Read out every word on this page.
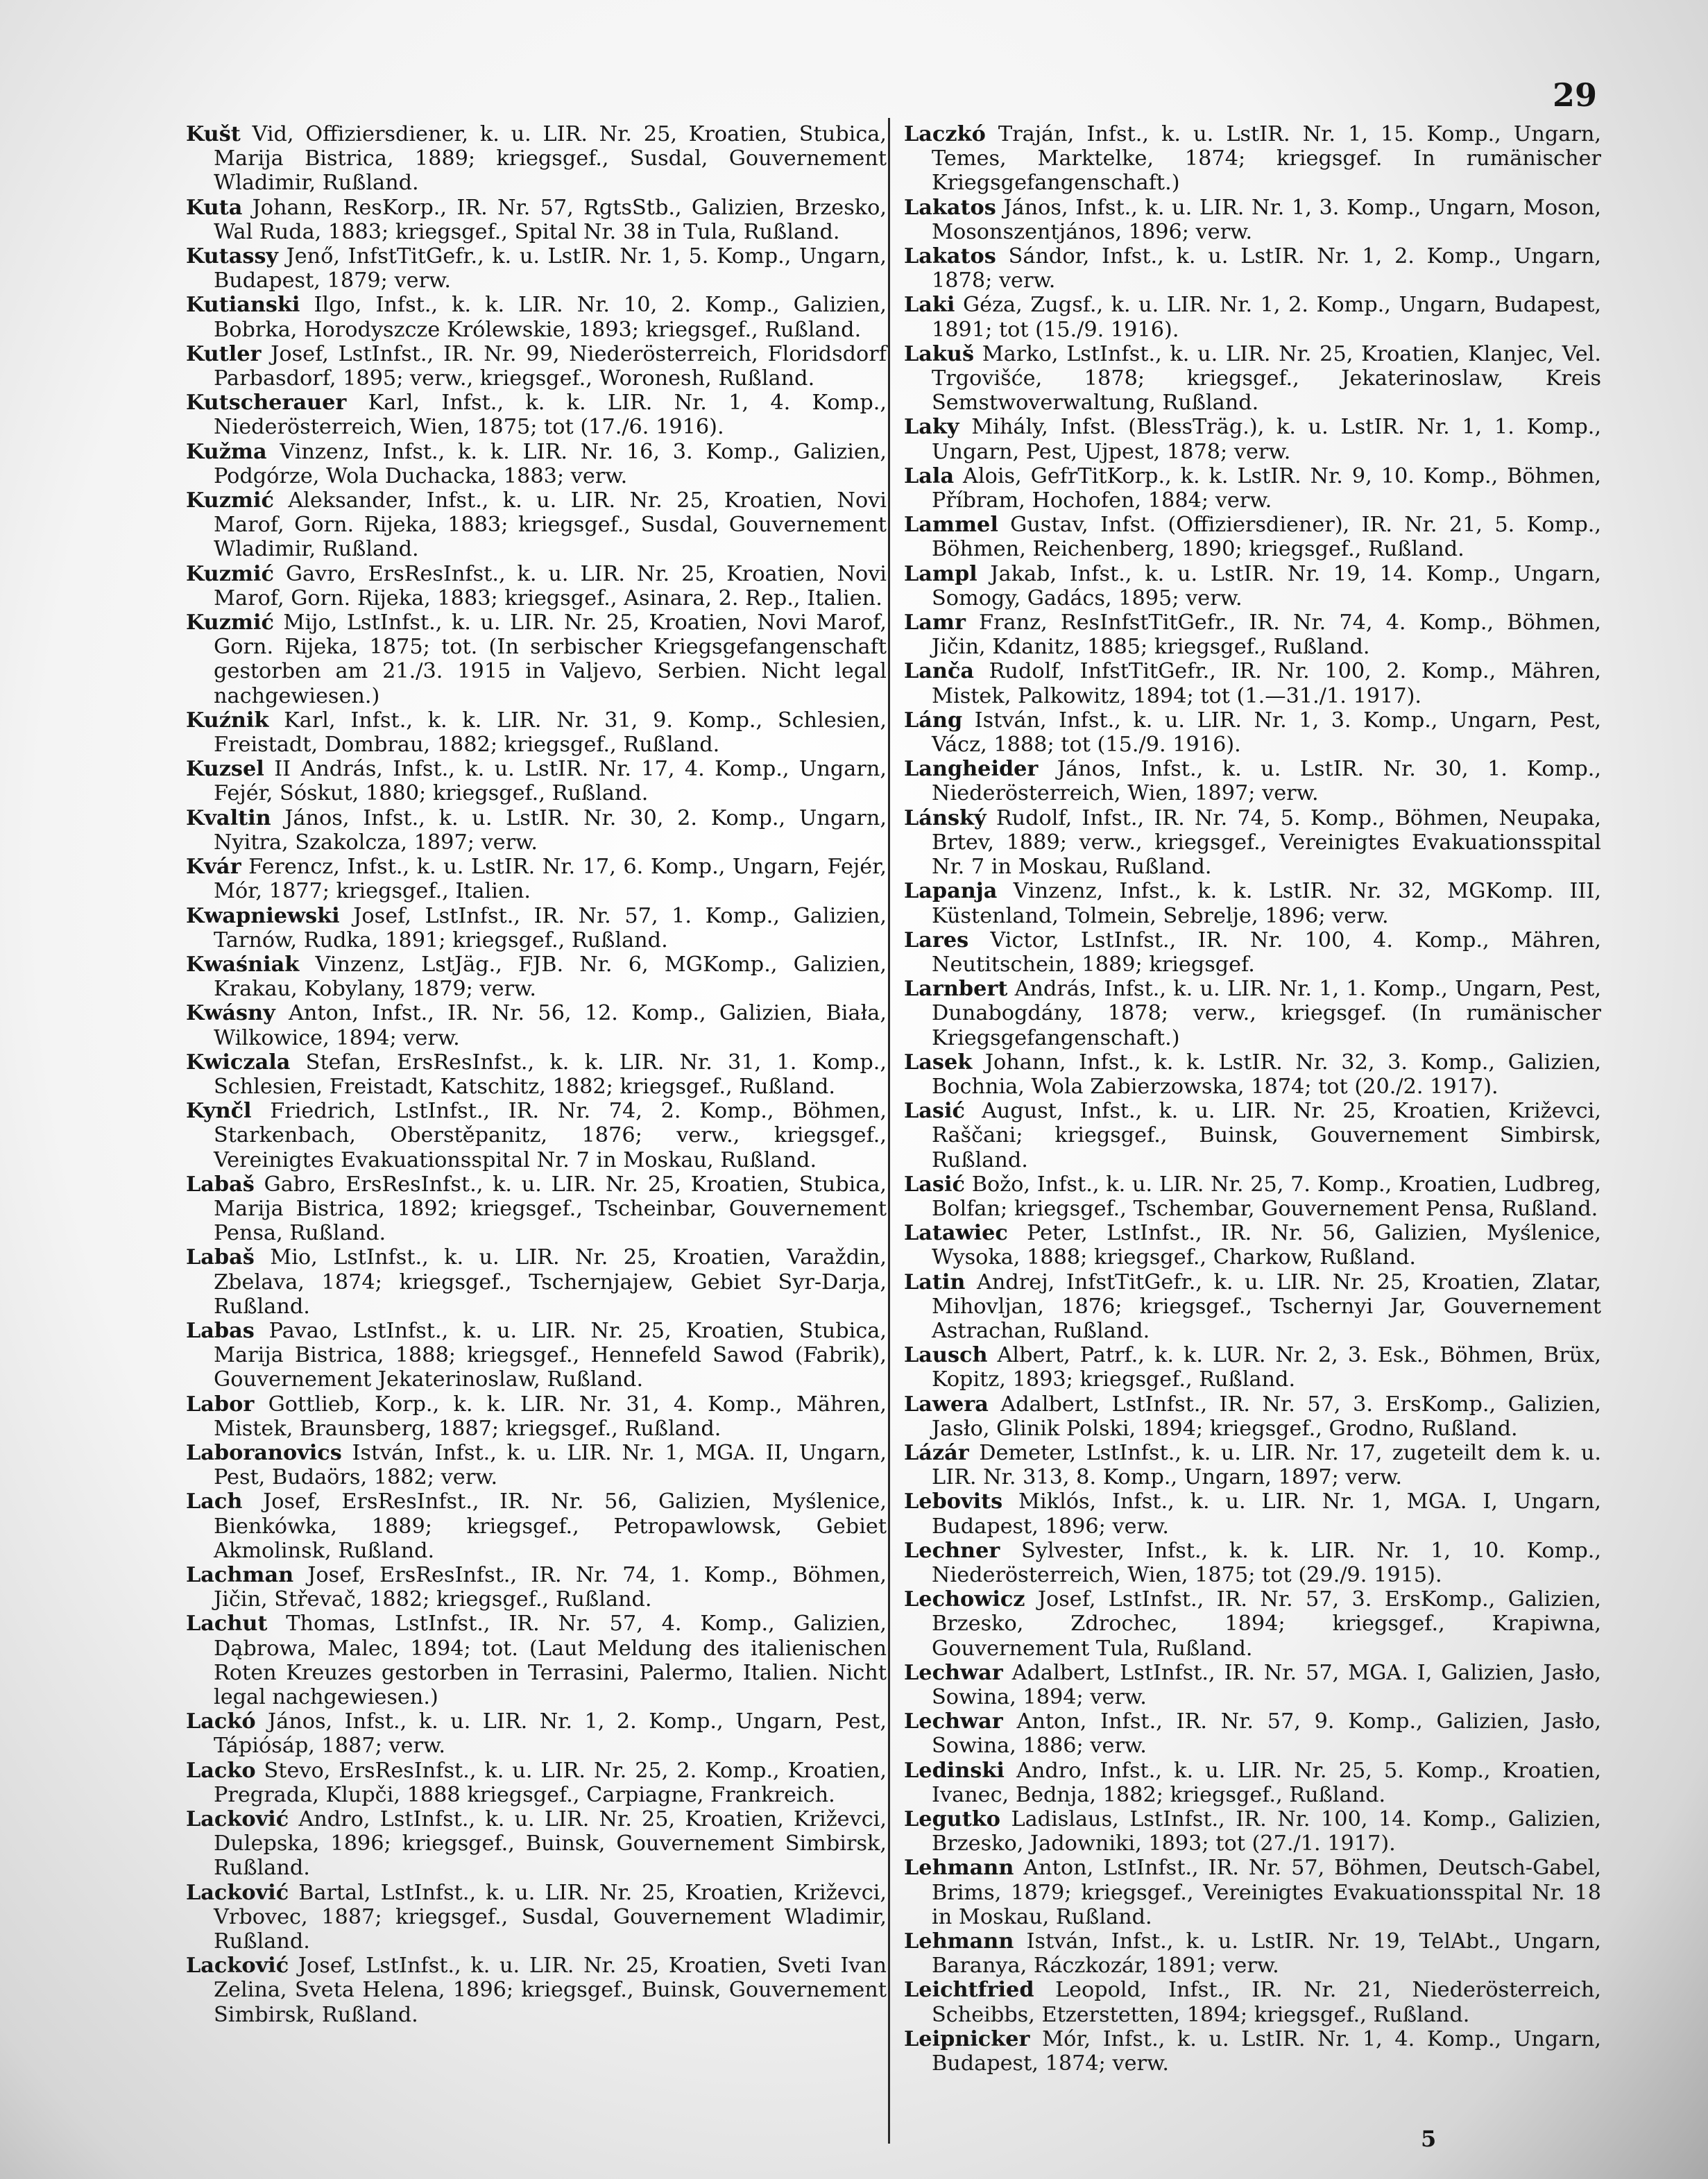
29

Kušt Vid, Offiziersdiener, k. u. LIR. Nr. 25, Kroatien, Stubica, Marija Bistrica, 1889; kriegsgef., Susdal, Gouvernement Wladimir, Rußland.

Kuta Johann, ResKorp., IR. Nr. 57, RgtsStb., Galizien, Brzesko, Wal Ruda, 1883; kriegsgef., Spital Nr. 38 in Tula, Rußland.

Kutassy Jenő, InfstTitGefr., k. u. LstIR. Nr. 1, 5. Komp., Ungarn, Budapest, 1879; verw.

Kutianski Ilgo, Infst., k. k. LIR. Nr. 10, 2. Komp., Galizien, Bobrka, Horodyszcze Królewskie, 1893; kriegsgef., Rußland.

Kutler Josef, LstInfst., IR. Nr. 99, Niederösterreich, Floridsdorf Parbasdorf, 1895; verw., kriegsgef., Woronesh, Rußland.

Kutscherauer Karl, Infst., k. k. LIR. Nr. 1, 4. Komp., Niederösterreich, Wien, 1875; tot (17./6. 1916).

Kužma Vinzenz, Infst., k. k. LIR. Nr. 16, 3. Komp., Galizien, Podgórze, Wola Duchacka, 1883; verw.

Kuzmić Aleksander, Infst., k. u. LIR. Nr. 25, Kroatien, Novi Marof, Gorn. Rijeka, 1883; kriegsgef., Susdal, Gouvernement Wladimir, Rußland.

Kuzmić Gavro, ErsResInfst., k. u. LIR. Nr. 25, Kroatien, Novi Marof, Gorn. Rijeka, 1883; kriegsgef., Asinara, 2. Rep., Italien.

Kuzmić Mijo, LstInfst., k. u. LIR. Nr. 25, Kroatien, Novi Marof, Gorn. Rijeka, 1875; tot. (In serbischer Kriegsgefangenschaft gestorben am 21./3. 1915 in Valjevo, Serbien. Nicht legal nachgewiesen.)

Kuźnik Karl, Infst., k. k. LIR. Nr. 31, 9. Komp., Schlesien, Freistadt, Dombrau, 1882; kriegsgef., Rußland.

Kuzsel II András, Infst., k. u. LstIR. Nr. 17, 4. Komp., Ungarn, Fejér, Sóskut, 1880; kriegsgef., Rußland.

Kvaltin János, Infst., k. u. LstIR. Nr. 30, 2. Komp., Ungarn, Nyitra, Szakolcza, 1897; verw.

Kvár Ferencz, Infst., k. u. LstIR. Nr. 17, 6. Komp., Ungarn, Fejér, Mór, 1877; kriegsgef., Italien.

Kwapniewski Josef, LstInfst., IR. Nr. 57, 1. Komp., Galizien, Tarnów, Rudka, 1891; kriegsgef., Rußland.

Kwaśniak Vinzenz, LstJäg., FJB. Nr. 6, MGKomp., Galizien, Krakau, Kobylany, 1879; verw.

Kwásny Anton, Infst., IR. Nr. 56, 12. Komp., Galizien, Biała, Wilkowice, 1894; verw.

Kwiczala Stefan, ErsResInfst., k. k. LIR. Nr. 31, 1. Komp., Schlesien, Freistadt, Katschitz, 1882; kriegsgef., Rußland.

Kynčl Friedrich, LstInfst., IR. Nr. 74, 2. Komp., Böhmen, Starkenbach, Oberstěpanitz, 1876; verw., kriegsgef., Vereinigtes Evakuationsspital Nr. 7 in Moskau, Rußland.

Labaš Gabro, ErsResInfst., k. u. LIR. Nr. 25, Kroatien, Stubica, Marija Bistrica, 1892; kriegsgef., Tscheinbar, Gouvernement Pensa, Rußland.

Labaš Mio, LstInfst., k. u. LIR. Nr. 25, Kroatien, Varaždin, Zbelava, 1874; kriegsgef., Tschernjajew, Gebiet Syr-Darja, Rußland.

Labas Pavao, LstInfst., k. u. LIR. Nr. 25, Kroatien, Stubica, Marija Bistrica, 1888; kriegsgef., Hennefeld Sawod (Fabrik), Gouvernement Jekaterinoslaw, Rußland.

Labor Gottlieb, Korp., k. k. LIR. Nr. 31, 4. Komp., Mähren, Mistek, Braunsberg, 1887; kriegsgef., Rußland.

Laboranovics István, Infst., k. u. LIR. Nr. 1, MGA. II, Ungarn, Pest, Budaörs, 1882; verw.

Lach Josef, ErsResInfst., IR. Nr. 56, Galizien, Myślenice, Bienkówka, 1889; kriegsgef., Petropawlowsk, Gebiet Akmolinsk, Rußland.

Lachman Josef, ErsResInfst., IR. Nr. 74, 1. Komp., Böhmen, Jičin, Střevač, 1882; kriegsgef., Rußland.

Lachut Thomas, LstInfst., IR. Nr. 57, 4. Komp., Galizien, Dąbrowa, Malec, 1894; tot. (Laut Meldung des italienischen Roten Kreuzes gestorben in Terrasini, Palermo, Italien. Nicht legal nachgewiesen.)

Lackó János, Infst., k. u. LIR. Nr. 1, 2. Komp., Ungarn, Pest, Tápiósáp, 1887; verw.

Lacko Stevo, ErsResInfst., k. u. LIR. Nr. 25, 2. Komp., Kroatien, Pregrada, Klupči, 1888 kriegsgef., Carpiagne, Frankreich.

Lacković Andro, LstInfst., k. u. LIR. Nr. 25, Kroatien, Križevci, Dulepska, 1896; kriegsgef., Buinsk, Gouvernement Simbirsk, Rußland.

Lacković Bartal, LstInfst., k. u. LIR. Nr. 25, Kroatien, Križevci, Vrbovec, 1887; kriegsgef., Susdal, Gouvernement Wladimir, Rußland.

Lacković Josef, LstInfst., k. u. LIR. Nr. 25, Kroatien, Sveti Ivan Zelina, Sveta Helena, 1896; kriegsgef., Buinsk, Gouvernement Simbirsk, Rußland.

Laczkó Traján, Infst., k. u. LstIR. Nr. 1, 15. Komp., Ungarn, Temes, Marktelke, 1874; kriegsgef. In rumänischer Kriegsgefangenschaft.)

Lakatos János, Infst., k. u. LIR. Nr. 1, 3. Komp., Ungarn, Moson, Mosonszentjános, 1896; verw.

Lakatos Sándor, Infst., k. u. LstIR. Nr. 1, 2. Komp., Ungarn, 1878; verw.

Laki Géza, Zugsf., k. u. LIR. Nr. 1, 2. Komp., Ungarn, Budapest, 1891; tot (15./9. 1916).

Lakuš Marko, LstInfst., k. u. LIR. Nr. 25, Kroatien, Klanjec, Vel. Trgovišće, 1878; kriegsgef., Jekaterinoslaw, Kreis Semstwoverwaltung, Rußland.

Laky Mihály, Infst. (BlessTräg.), k. u. LstIR. Nr. 1, 1. Komp., Ungarn, Pest, Ujpest, 1878; verw.

Lala Alois, GefrTitKorp., k. k. LstIR. Nr. 9, 10. Komp., Böhmen, Příbram, Hochofen, 1884; verw.

Lammel Gustav, Infst. (Offiziersdiener), IR. Nr. 21, 5. Komp., Böhmen, Reichenberg, 1890; kriegsgef., Rußland.

Lampl Jakab, Infst., k. u. LstIR. Nr. 19, 14. Komp., Ungarn, Somogy, Gadács, 1895; verw.

Lamr Franz, ResInfstTitGefr., IR. Nr. 74, 4. Komp., Böhmen, Jičin, Kdanitz, 1885; kriegsgef., Rußland.

Lanča Rudolf, InfstTitGefr., IR. Nr. 100, 2. Komp., Mähren, Mistek, Palkowitz, 1894; tot (1.—31./1. 1917).

Láng István, Infst., k. u. LIR. Nr. 1, 3. Komp., Ungarn, Pest, Vácz, 1888; tot (15./9. 1916).

Langheider János, Infst., k. u. LstIR. Nr. 30, 1. Komp., Niederösterreich, Wien, 1897; verw.

Lánský Rudolf, Infst., IR. Nr. 74, 5. Komp., Böhmen, Neupaka, Brtev, 1889; verw., kriegsgef., Vereinigtes Evakuationsspital Nr. 7 in Moskau, Rußland.

Lapanja Vinzenz, Infst., k. k. LstIR. Nr. 32, MGKomp. III, Küstenland, Tolmein, Sebrelje, 1896; verw.

Lares Victor, LstInfst., IR. Nr. 100, 4. Komp., Mähren, Neutitschein, 1889; kriegsgef.

Larnbert András, Infst., k. u. LIR. Nr. 1, 1. Komp., Ungarn, Pest, Dunabogdány, 1878; verw., kriegsgef. (In rumänischer Kriegsgefangenschaft.)

Lasek Johann, Infst., k. k. LstIR. Nr. 32, 3. Komp., Galizien, Bochnia, Wola Zabierzowska, 1874; tot (20./2. 1917).

Lasić August, Infst., k. u. LIR. Nr. 25, Kroatien, Križevci, Raščani; kriegsgef., Buinsk, Gouvernement Simbirsk, Rußland.

Lasić Božo, Infst., k. u. LIR. Nr. 25, 7. Komp., Kroatien, Ludbreg, Bolfan; kriegsgef., Tschembar, Gouvernement Pensa, Rußland.

Latawiec Peter, LstInfst., IR. Nr. 56, Galizien, Myślenice, Wysoka, 1888; kriegsgef., Charkow, Rußland.

Latin Andrej, InfstTitGefr., k. u. LIR. Nr. 25, Kroatien, Zlatar, Mihovljan, 1876; kriegsgef., Tschernyi Jar, Gouvernement Astrachan, Rußland.

Lausch Albert, Patrf., k. k. LUR. Nr. 2, 3. Esk., Böhmen, Brüx, Kopitz, 1893; kriegsgef., Rußland.

Lawera Adalbert, LstInfst., IR. Nr. 57, 3. ErsKomp., Galizien, Jasło, Glinik Polski, 1894; kriegsgef., Grodno, Rußland.

Lázár Demeter, LstInfst., k. u. LIR. Nr. 17, zugeteilt dem k. u. LIR. Nr. 313, 8. Komp., Ungarn, 1897; verw.

Lebovits Miklós, Infst., k. u. LIR. Nr. 1, MGA. I, Ungarn, Budapest, 1896; verw.

Lechner Sylvester, Infst., k. k. LIR. Nr. 1, 10. Komp., Niederösterreich, Wien, 1875; tot (29./9. 1915).

Lechowicz Josef, LstInfst., IR. Nr. 57, 3. ErsKomp., Galizien, Brzesko, Zdrochec, 1894; kriegsgef., Krapiwna, Gouvernement Tula, Rußland.

Lechwar Adalbert, LstInfst., IR. Nr. 57, MGA. I, Galizien, Jasło, Sowina, 1894; verw.

Lechwar Anton, Infst., IR. Nr. 57, 9. Komp., Galizien, Jasło, Sowina, 1886; verw.

Ledinski Andro, Infst., k. u. LIR. Nr. 25, 5. Komp., Kroatien, Ivanec, Bednja, 1882; kriegsgef., Rußland.

Legutko Ladislaus, LstInfst., IR. Nr. 100, 14. Komp., Galizien, Brzesko, Jadowniki, 1893; tot (27./1. 1917).

Lehmann Anton, LstInfst., IR. Nr. 57, Böhmen, Deutsch-Gabel, Brims, 1879; kriegsgef., Vereinigtes Evakuationsspital Nr. 18 in Moskau, Rußland.

Lehmann István, Infst., k. u. LstIR. Nr. 19, TelAbt., Ungarn, Baranya, Ráczkozár, 1891; verw.

Leichtfried Leopold, Infst., IR. Nr. 21, Niederösterreich, Scheibbs, Etzerstetten, 1894; kriegsgef., Rußland.

Leipnicker Mór, Infst., k. u. LstIR. Nr. 1, 4. Komp., Ungarn, Budapest, 1874; verw.

5
